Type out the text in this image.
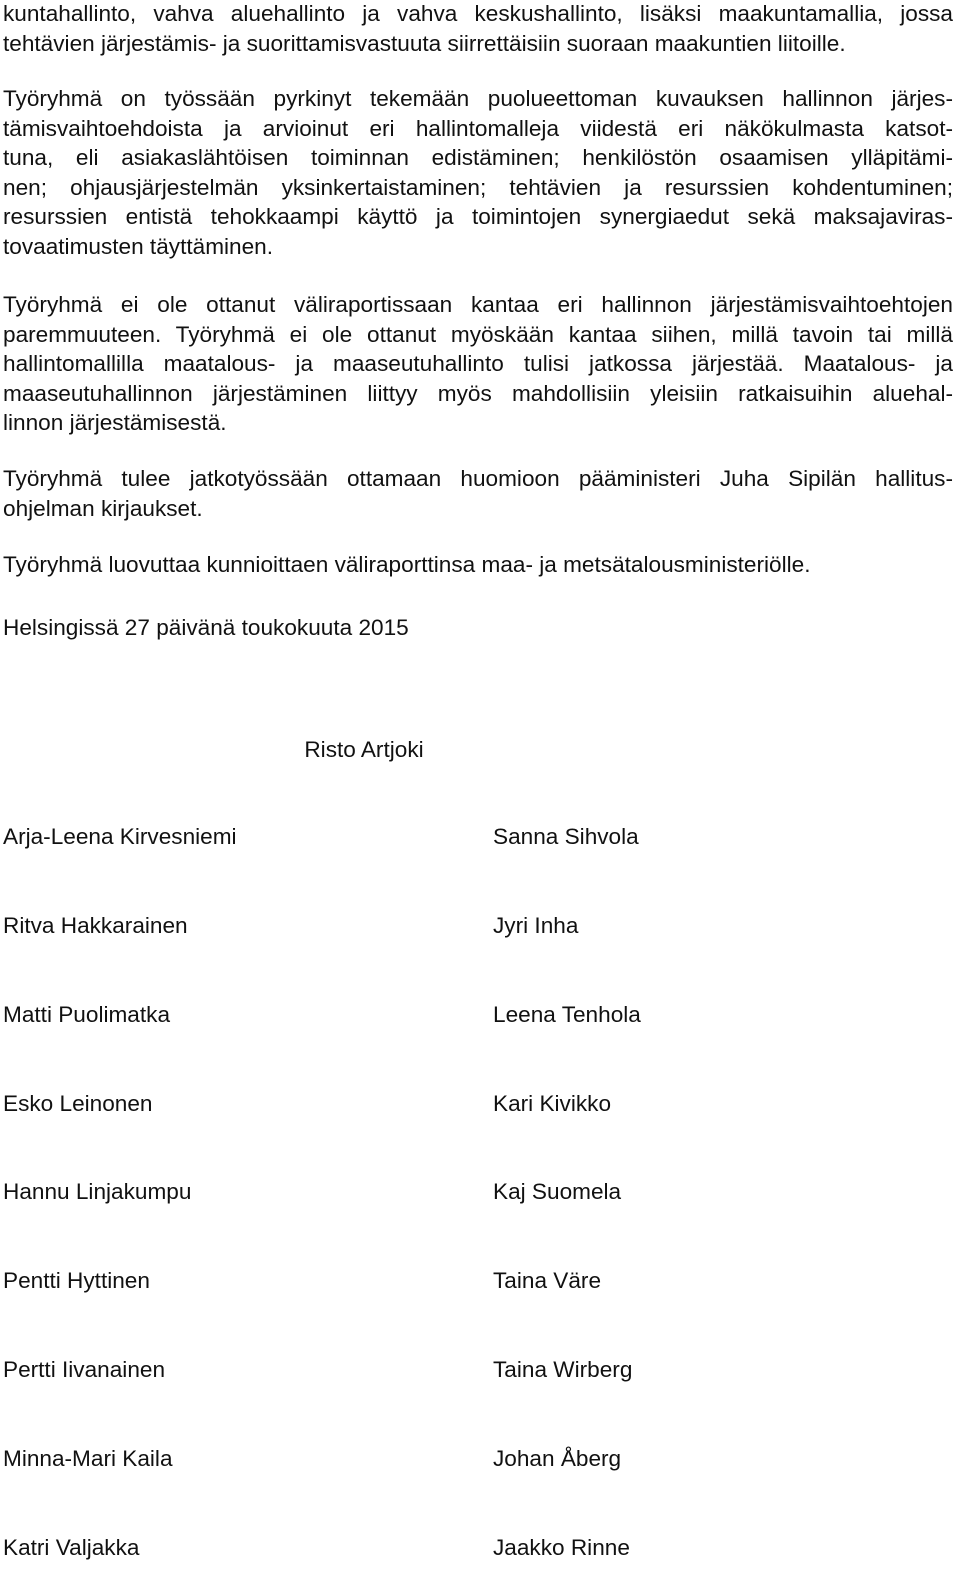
kuntahallinto, vahva aluehallinto ja vahva keskushallinto, lisäksi maakuntamallia, jossa
tehtävien järjestämis- ja suorittamisvastuuta siirrettäisiin suoraan maakuntien liitoille.

Työryhmä on työssään pyrkinyt tekemään puolueettoman kuvauksen hallinnon järjes-
tämisvaihtoehdoista ja arvioinut eri hallintomalleja viidestä eri näkökulmasta katsot-
tuna, eli asiakaslähtöisen toiminnan edistäminen; henkilöstön osaamisen ylläpitämi-
nen; ohjausjärjestelmän yksinkertaistaminen; tehtävien ja resurssien kohdentuminen;
resurssien entistä tehokkaampi käyttö ja toimintojen synergiaedut sekä maksajaviras-
tovaatimusten täyttäminen.

Työryhmä ei ole ottanut väliraportissaan kantaa eri hallinnon järjestämisvaihtoehtojen
paremmuuteen. Työryhmä ei ole ottanut myöskään kantaa siihen, millä tavoin tai millä
hallintomallilla maatalous- ja maaseutuhallinto tulisi jatkossa järjestää. Maatalous- ja
maaseutuhallinnon järjestäminen liittyy myös mahdollisiin yleisiin ratkaisuihin aluehal-
linnon järjestämisestä.

Työryhmä tulee jatkotyössään ottamaan huomioon pääministeri Juha Sipilän hallitus-
ohjelman kirjaukset.

Työryhmä luovuttaa kunnioittaen väliraporttinsa maa- ja metsätalousministeriölle.

Helsingissä 27 päivänä toukokuuta 2015
Risto Artjoki
Arja-Leena Kirvesniemi	Sanna Sihvola
Ritva Hakkarainen	Jyri Inha
Matti Puolimatka	Leena Tenhola
Esko Leinonen	Kari Kivikko
Hannu Linjakumpu	Kaj Suomela
Pentti Hyttinen	Taina Väre
Pertti Iivanainen	Taina Wirberg
Minna-Mari Kaila	Johan Åberg
Katri Valjakka	Jaakko Rinne
